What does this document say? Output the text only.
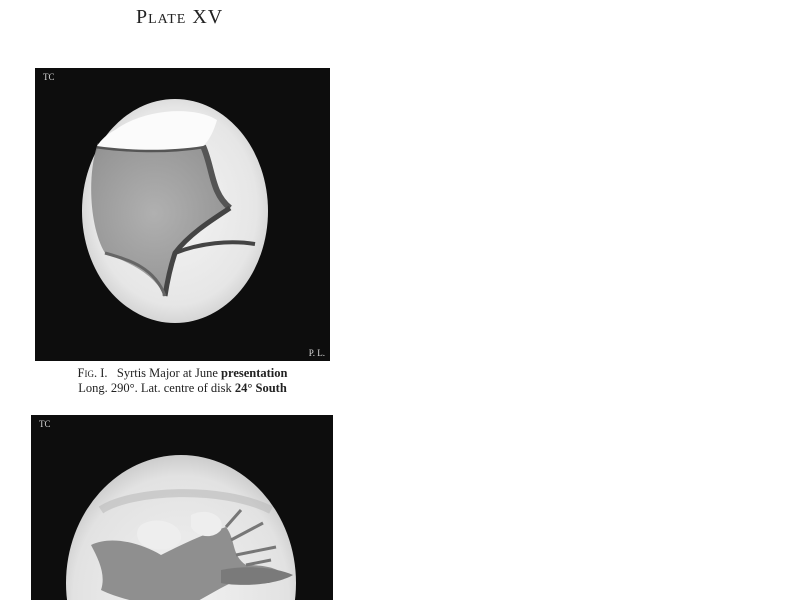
Plate XV
TC
P. L.
Fig. I. Syrtis Major at June presentation
Long. 290°. Lat. centre of disk 24° South
TC
